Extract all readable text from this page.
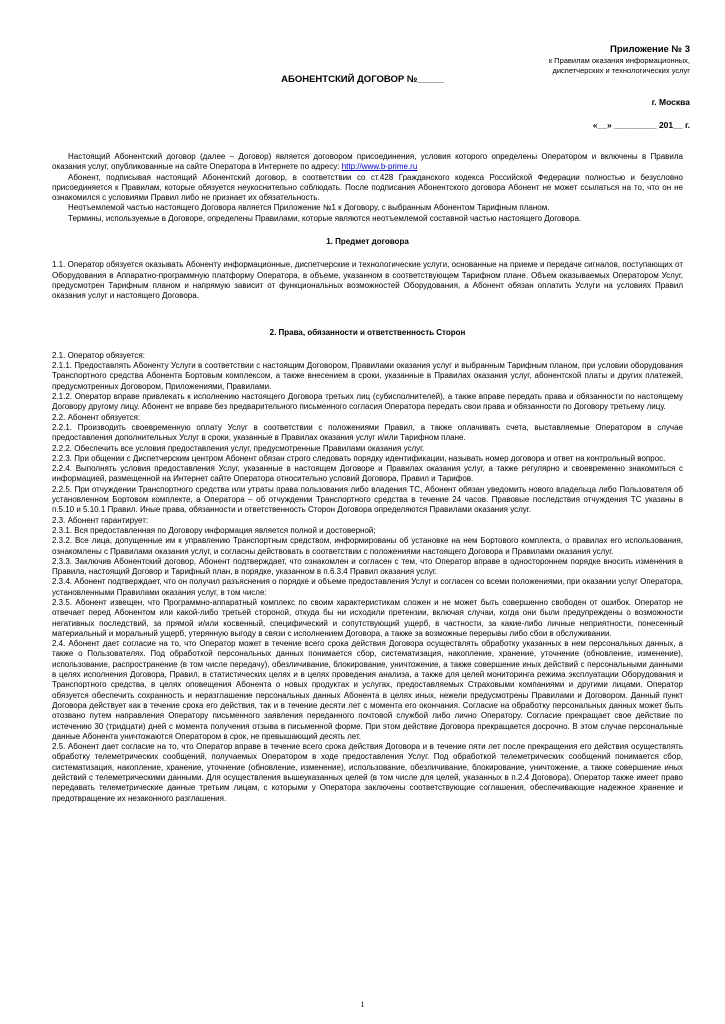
Приложение № 3
к Правилам оказания информационных,
диспетчерских и технологических услуг
АБОНЕНТСКИЙ ДОГОВОР №_____
г. Москва
«__» _________ 201__ г.

Настоящий Абонентский договор (далее – Договор) является договором присоединения, условия которого определены Оператором и включены в Правила оказания услуг, опубликованные на сайте Оператора в Интернете по адресу: http://www.b-prime.ru

Абонент, подписывая настоящий Абонентский договор, в соответствии со ст.428 Гражданского кодекса Российской Федерации полностью и безусловно присоединяется к Правилам, которые обязуется неукоснительно соблюдать. После подписания Абонентского договора Абонент не может ссылаться на то, что он не ознакомился с условиями Правил либо не признает их обязательность.

Неотъемлемой частью настоящего Договора является Приложение №1 к Договору, с выбранным Абонентом Тарифным планом.

Термины, используемые в Договоре, определены Правилами, которые являются неотъемлемой составной частью настоящего Договора.

1. Предмет договора

1.1. Оператор обязуется оказывать Абоненту информационные, диспетчерские и технологические услуги, основанные на приеме и передаче сигналов, поступающих от Оборудования в Аппаратно-программную платформу Оператора, в объеме, указанном в соответствующем Тарифном плане. Объем оказываемых Оператором Услуг, предусмотрен Тарифным планом и напрямую зависит от функциональных возможностей Оборудования, а Абонент обязан оплатить Услуги на условиях Правил оказания услуг и настоящего Договора.

2. Права, обязанности и ответственность Сторон

2.1. Оператор обязуется:

2.1.1. Предоставлять Абоненту Услуги в соответствии с настоящим Договором, Правилами оказания услуг и выбранным Тарифным планом, при условии оборудования Транспортного средства Абонента Бортовым комплексом, а также внесением в сроки, указанные в Правилах оказания услуг, абонентской платы и других платежей, предусмотренных Договором, Приложениями, Правилами.

2.1.2. Оператор вправе привлекать к исполнению настоящего Договора третьих лиц (субисполнителей), а также вправе передать права и обязанности по настоящему Договору другому лицу. Абонент не вправе без предварительного письменного согласия Оператора передать свои права и обязанности по Договору третьему лицу.

2.2. Абонент обязуется:

2.2.1. Производить своевременную оплату Услуг в соответствии с положениями Правил, а также оплачивать счета, выставляемые Оператором в случае предоставления дополнительных Услуг в сроки, указанные в Правилах оказания услуг и/или Тарифном плане.

2.2.2. Обеспечить все условия предоставления услуг, предусмотренные Правилами оказания услуг.

2.2.3. При общении с Диспетчерским центром Абонент обязан строго следовать порядку идентификации, называть номер договора и ответ на контрольный вопрос.

2.2.4. Выполнять условия предоставления Услуг, указанные в настоящем Договоре и Правилах оказания услуг, а также регулярно и своевременно знакомиться с информацией, размещенной на Интернет сайте Оператора относительно условий Договора, Правил и Тарифов.

2.2.5. При отчуждении Транспортного средства или утраты права пользования либо владения ТС, Абонент обязан уведомить нового владельца либо Пользователя об установленном Бортовом комплекте, а Оператора – об отчуждении Транспортного средства в течение 24 часов. Правовые последствия отчуждения ТС указаны в п.5.10 и 5.10.1 Правил. Иные права, обязанности и ответственность Сторон Договора определяются Правилами оказания услуг.

2.3. Абонент гарантирует:

2.3.1. Вся предоставленная по Договору информация является полной и достоверной;

2.3.2. Все лица, допущенные им к управлению Транспортным средством, информированы об установке на нем Бортового комплекта, о правилах его использования, ознакомлены с Правилами оказания услуг, и согласны действовать в соответствии с положениями настоящего Договора и Правилами оказания услуг.

2.3.3. Заключив Абонентский договор, Абонент подтверждает, что ознакомлен и согласен с тем, что Оператор вправе в одностороннем порядке вносить изменения в Правила, настоящий Договор и Тарифный план, в порядке, указанном в п.6.3.4 Правил оказания услуг.

2.3.4. Абонент подтверждает, что он получил разъяснения о порядке и объеме предоставления Услуг и согласен со всеми положениями, при оказании услуг Оператора, установленными Правилами оказания услуг, в том числе:

2.3.5. Абонент извещен, что Программно-аппаратный комплекс по своим характеристикам сложен и не может быть совершенно свободен от ошибок. Оператор не отвечает перед Абонентом или какой-либо третьей стороной, откуда бы ни исходили претензии, включая случаи, когда они были предупреждены о возможности негативных последствий, за прямой и/или косвенный, специфический и сопутствующий ущерб, в частности, за какие-либо личные неприятности, понесенный материальный и моральный ущерб, утерянную выгоду в связи с исполнением Договора, а также за возможные перерывы либо сбои в обслуживании.

2.4. Абонент дает согласие на то, что Оператор может в течение всего срока действия Договора осуществлять обработку указанных в нем персональных данных, а также о Пользователях. Под обработкой персональных данных понимается сбор, систематизация, накопление, хранение, уточнение (обновление, изменение), использование, распространение (в том числе передачу), обезличивание, блокирование, уничтожение, а также совершение иных действий с персональными данными в целях исполнения Договора, Правил, в статистических целях и в целях проведения анализа, а также для целей мониторинга режима эксплуатации Оборудования и Транспортного средства, в целях оповещения Абонента о новых продуктах и услугах, предоставляемых Страховыми компаниями и другими лицами. Оператор обязуется обеспечить сохранность и неразглашение персональных данных Абонента в целях иных, нежели предусмотрены Правилами и Договором. Данный пункт Договора действует как в течение срока его действия, так и в течение десяти лет с момента его окончания. Согласие на обработку персональных данных может быть отозвано путем направления Оператору письменного заявления переданного почтовой службой либо лично Оператору. Согласие прекращает свое действие по истечению 30 (тридцати) дней с момента получения отзыва в письменной форме. При этом действие Договора прекращается досрочно. В этом случае персональные данные Абонента уничтожаются Оператором в срок, не превышающий десять лет.

2.5. Абонент дает согласие на то, что Оператор вправе в течение всего срока действия Договора и в течение пяти лет после прекращения его действия осуществлять обработку телеметрических сообщений, получаемых Оператором в ходе предоставления Услуг. Под обработкой телеметрических сообщений понимается сбор, систематизация, накопление, хранение, уточнение (обновление, изменение), использование, обезличивание, блокирование, уничтожение, а также совершение иных действий с телеметрическими данными. Для осуществления вышеуказанных целей (в том числе для целей, указанных в п.2.4 Договора), Оператор также имеет право передавать телеметрические данные третьим лицам, с которыми у Оператора заключены соответствующие соглашения, обеспечивающие надежное хранение и предотвращение их незаконного разглашения.

1
